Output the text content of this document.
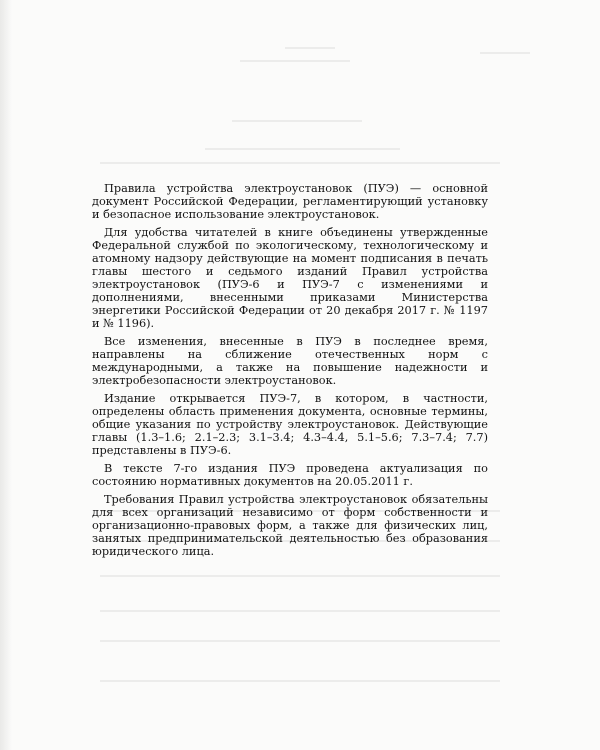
Правила устройства электроустановок (ПУЭ) — основной документ Российской Федерации, регламентирующий установку и безопасное использование электроустановок.

Для удобства читателей в книге объединены утвержденные Федеральной службой по экологическому, технологическому и атомному надзору действующие на момент подписания в печать главы шестого и седьмого изданий Правил устройства электроустановок (ПУЭ-6 и ПУЭ-7 с изменениями и дополнениями, внесенными приказами Министерства энергетики Российской Федерации от 20 декабря 2017 г. № 1197 и № 1196).

Все изменения, внесенные в ПУЭ в последнее время, направлены на сближение отечественных норм с международными, а также на повышение надежности и электробезопасности электроустановок.

Издание открывается ПУЭ-7, в котором, в частности, определены область применения документа, основные термины, общие указания по устройству электроустановок. Действующие главы (1.3–1.6; 2.1–2.3; 3.1–3.4; 4.3–4.4, 5.1–5.6; 7.3–7.4; 7.7) представлены в ПУЭ-6.

В тексте 7-го издания ПУЭ проведена актуализация по состоянию нормативных документов на 20.05.2011 г.

Требования Правил устройства электроустановок обязательны для всех организаций независимо от форм собственности и организационно-правовых форм, а также для физических лиц, занятых предпринимательской деятельностью без образования юридического лица.
